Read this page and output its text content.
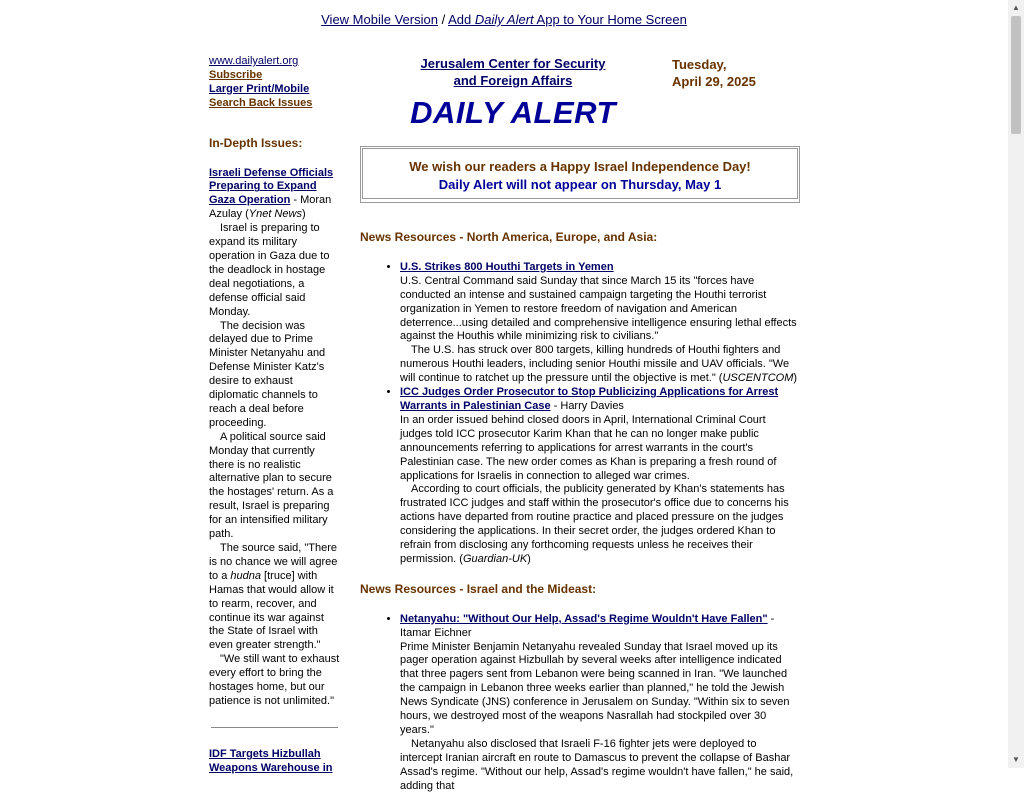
View Mobile Version / Add Daily Alert App to Your Home Screen
www.dailyalert.org
Subscribe
Larger Print/Mobile
Search Back Issues
In-Depth Issues:
Israeli Defense Officials Preparing to Expand Gaza Operation - Moran Azulay (Ynet News)

Israel is preparing to expand its military operation in Gaza due to the deadlock in hostage deal negotiations, a defense official said Monday.

The decision was delayed due to Prime Minister Netanyahu and Defense Minister Katz's desire to exhaust diplomatic channels to reach a deal before proceeding.

A political source said Monday that currently there is no realistic alternative plan to secure the hostages' return. As a result, Israel is preparing for an intensified military path.

The source said, "There is no chance we will agree to a hudna [truce] with Hamas that would allow it to rearm, recover, and continue its war against the State of Israel with even greater strength."

"We still want to exhaust every effort to bring the hostages home, but our patience is not unlimited."

IDF Targets Hizbullah Weapons Warehouse in
Jerusalem Center for Security
and Foreign Affairs
DAILY ALERT
Tuesday,
April 29, 2025
We wish our readers a Happy Israel Independence Day!
Daily Alert will not appear on Thursday, May 1
News Resources - North America, Europe, and Asia:
• U.S. Strikes 800 Houthi Targets in Yemen

U.S. Central Command said Sunday that since March 15 its "forces have conducted an intense and sustained campaign targeting the Houthi terrorist organization in Yemen to restore freedom of navigation and American deterrence...using detailed and comprehensive intelligence ensuring lethal effects against the Houthis while minimizing risk to civilians."

The U.S. has struck over 800 targets, killing hundreds of Houthi fighters and numerous Houthi leaders, including senior Houthi missile and UAV officials. "We will continue to ratchet up the pressure until the objective is met." (USCENTCOM)

• ICC Judges Order Prosecutor to Stop Publicizing Applications for Arrest Warrants in Palestinian Case - Harry Davies

In an order issued behind closed doors in April, International Criminal Court judges told ICC prosecutor Karim Khan that he can no longer make public announcements referring to applications for arrest warrants in the court's Palestinian case. The new order comes as Khan is preparing a fresh round of applications for Israelis in connection to alleged war crimes.

According to court officials, the publicity generated by Khan's statements has frustrated ICC judges and staff within the prosecutor's office due to concerns his actions have departed from routine practice and placed pressure on the judges considering the applications. In their secret order, the judges ordered Khan to refrain from disclosing any forthcoming requests unless he receives their permission. (Guardian-UK)

News Resources - Israel and the Mideast:
• Netanyahu: "Without Our Help, Assad's Regime Wouldn't Have Fallen" - Itamar Eichner

Prime Minister Benjamin Netanyahu revealed Sunday that Israel moved up its pager operation against Hizbullah by several weeks after intelligence indicated that three pagers sent from Lebanon were being scanned in Iran. "We launched the campaign in Lebanon three weeks earlier than planned," he told the Jewish News Syndicate (JNS) conference in Jerusalem on Sunday. "Within six to seven hours, we destroyed most of the weapons Nasrallah had stockpiled over 30 years."

Netanyahu also disclosed that Israeli F-16 fighter jets were deployed to intercept Iranian aircraft en route to Damascus to prevent the collapse of Bashar Assad's regime. "Without our help, Assad's regime wouldn't have fallen," he said, adding that

▲
▼
